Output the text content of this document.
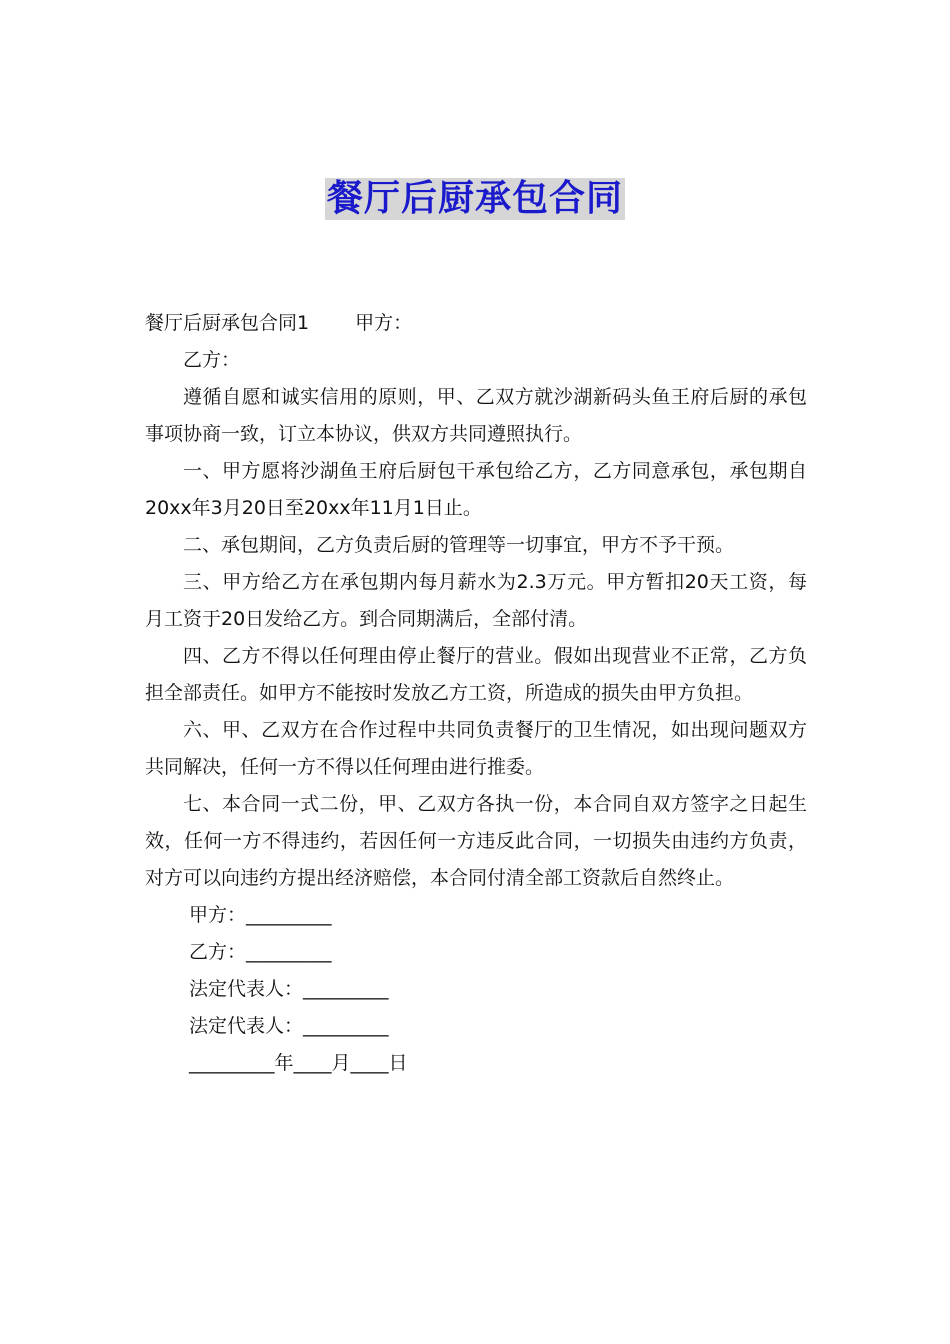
餐厅后厨承包合同

餐厅后厨承包合同1 甲方：

乙方：

遵循自愿和诚实信用的原则，甲、乙双方就沙湖新码头鱼王府后厨的承包事项协商一致，订立本协议，供双方共同遵照执行。

一、甲方愿将沙湖鱼王府后厨包干承包给乙方，乙方同意承包，承包期自20xx年3月20日至20xx年11月1日止。

二、承包期间，乙方负责后厨的管理等一切事宜，甲方不予干预。

三、甲方给乙方在承包期内每月薪水为2.3万元。甲方暂扣20天工资，每月工资于20日发给乙方。到合同期满后，全部付清。

四、乙方不得以任何理由停止餐厅的营业。假如出现营业不正常，乙方负担全部责任。如甲方不能按时发放乙方工资，所造成的损失由甲方负担。

六、甲、乙双方在合作过程中共同负责餐厅的卫生情况，如出现问题双方共同解决，任何一方不得以任何理由进行推委。

七、本合同一式二份，甲、乙双方各执一份，本合同自双方签字之日起生效，任何一方不得违约，若因任何一方违反此合同，一切损失由违约方负责，对方可以向违约方提出经济赔偿，本合同付清全部工资款后自然终止。

甲方：_________

乙方：_________

法定代表人：_________

法定代表人：_________

_________年____月____日
